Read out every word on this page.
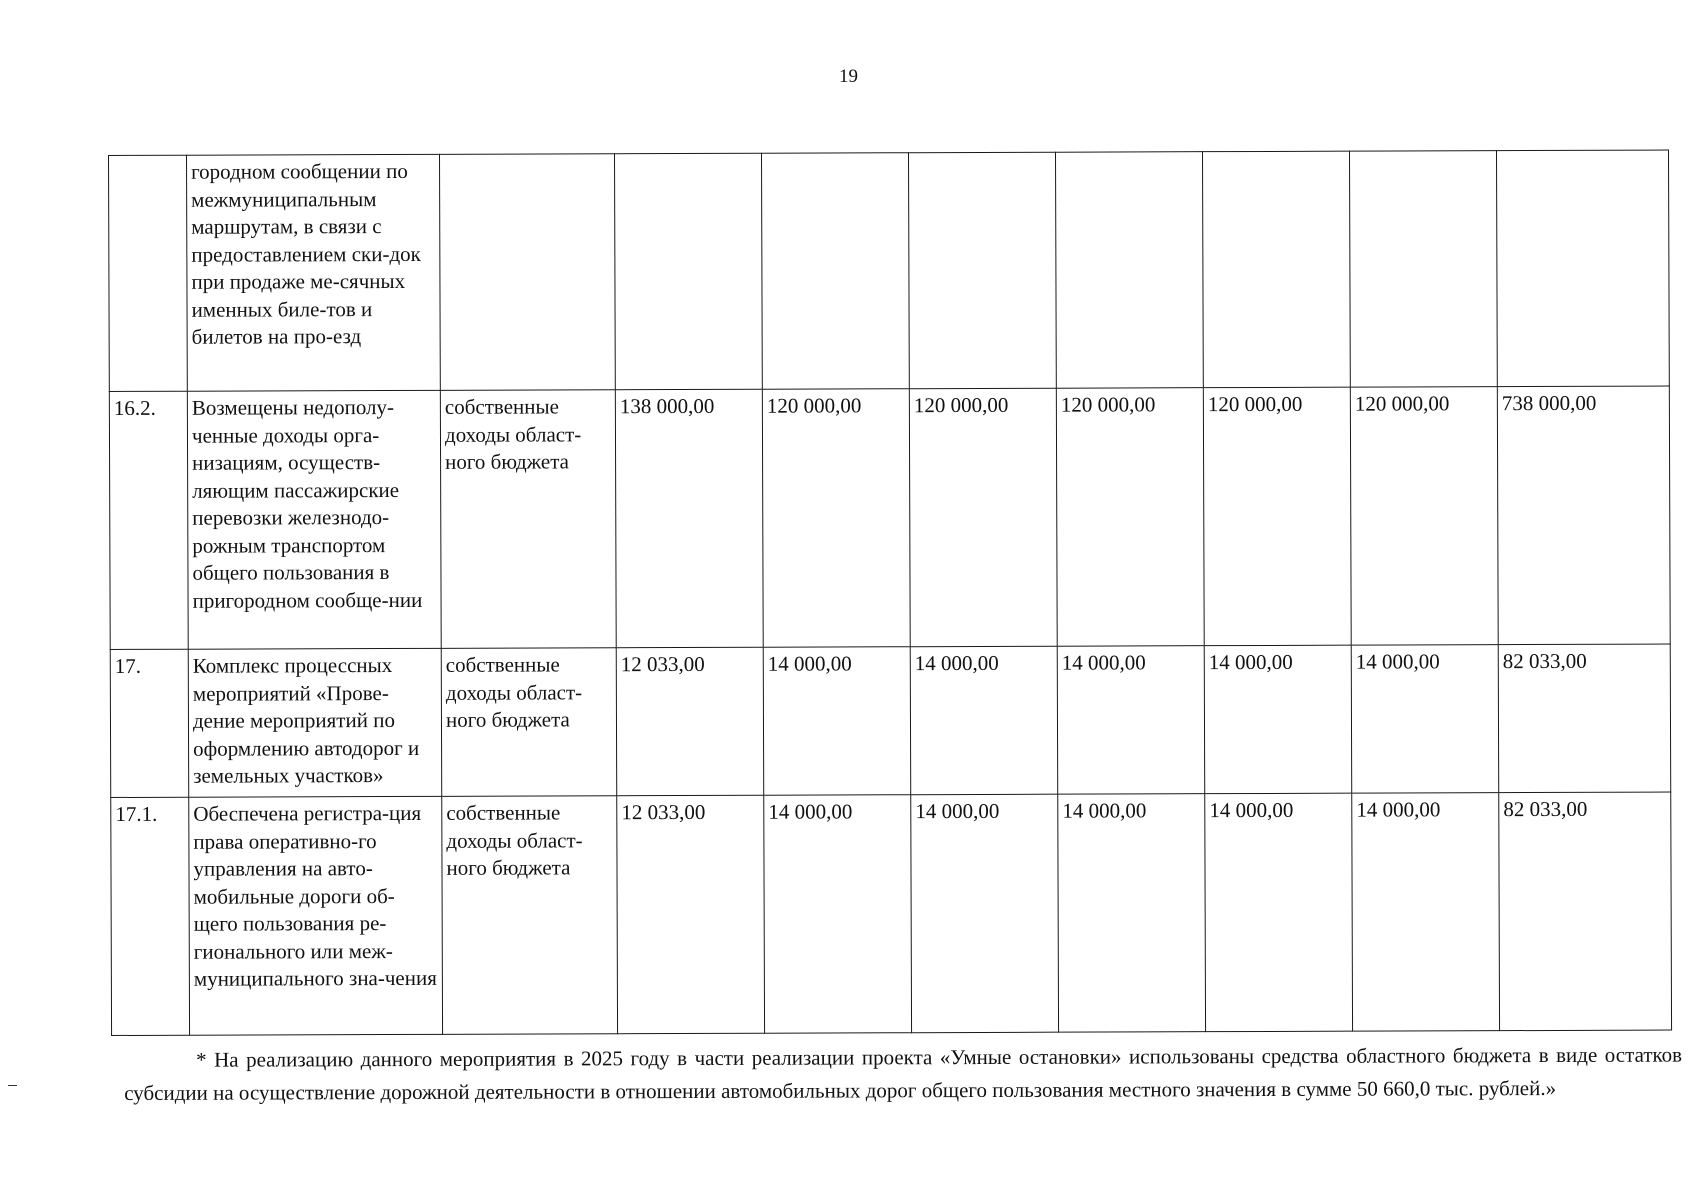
19
	городном сообщении по межмуниципальным маршрутам, в связи с предоставлением ски-док при продаже ме-сячных именных биле-тов и билетов на про-езд								
16.2.	Возмещены недополу-ченные доходы орга-низациям, осуществ-ляющим пассажирские перевозки железнодо-рожным транспортом общего пользования в пригородном сообще-нии	собственные доходы област-ного бюджета	138 000,00	120 000,00	120 000,00	120 000,00	120 000,00	120 000,00	738 000,00
17.	Комплекс процессных мероприятий «Прове-дение мероприятий по оформлению автодорог и земельных участков»	собственные доходы област-ного бюджета	12 033,00	14 000,00	14 000,00	14 000,00	14 000,00	14 000,00	82 033,00
17.1.	Обеспечена регистра-ция права оперативно-го управления на авто-мобильные дороги об-щего пользования ре-гионального или меж-муниципального зна-чения	собственные доходы област-ного бюджета	12 033,00	14 000,00	14 000,00	14 000,00	14 000,00	14 000,00	82 033,00

* На реализацию данного мероприятия в 2025 году в части реализации проекта «Умные остановки» использованы средства областного бюджета в виде остатков субсидии на осуществление дорожной деятельности в отношении автомобильных дорог общего пользования местного значения в сумме 50 660,0 тыс. рублей.»
